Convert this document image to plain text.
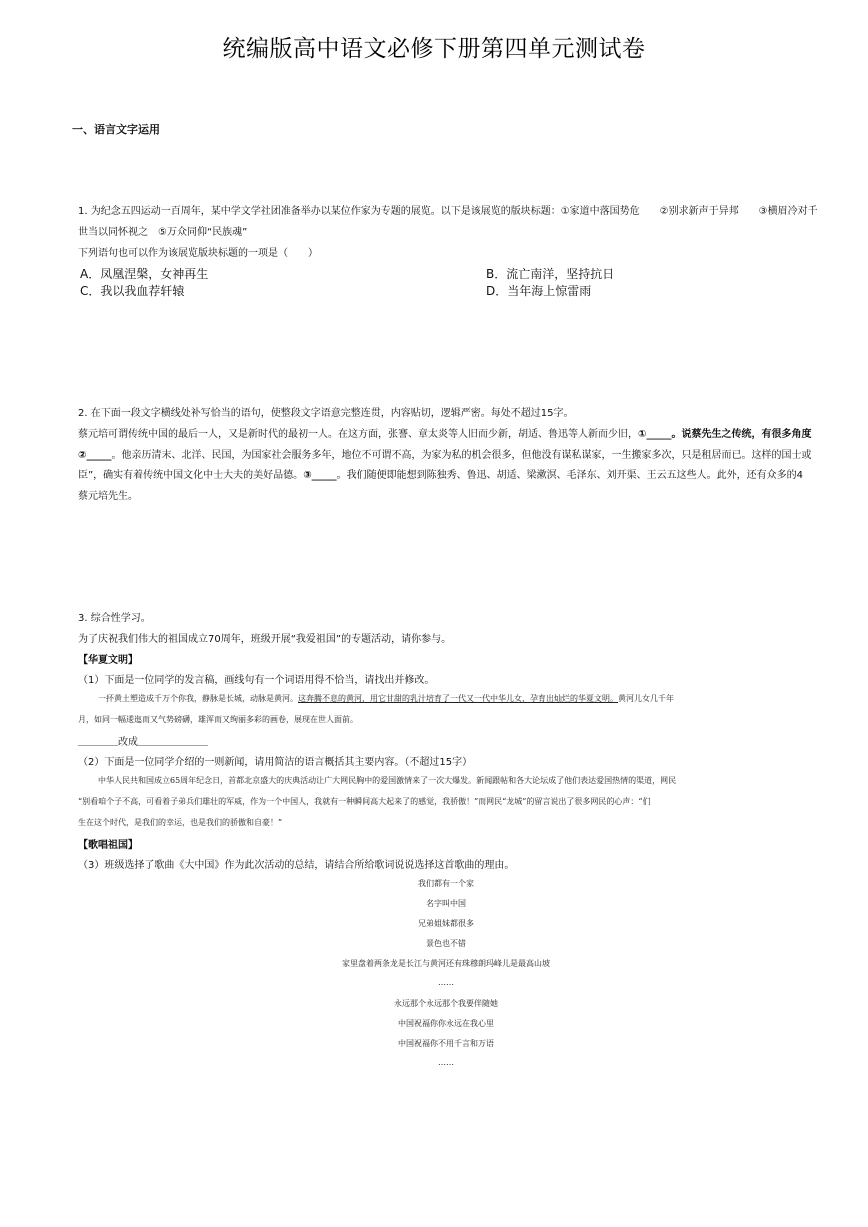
统编版高中语文必修下册第四单元测试卷
一、语言文字运用
1. 为纪念五四运动一百周年，某中学文学社团准备举办以某位作家为专题的展览。以下是该展览的版块标题：①家道中落国势危　　②别求新声于异邦　　③横眉冷对千
世当以同怀视之　⑤万众同仰“民族魂”
下列语句也可以作为该展览版块标题的一项是（　　）
A．凤凰涅槃，女神再生	B．流亡南洋，坚持抗日
C．我以我血荐轩辕	D．当年海上惊雷雨
2. 在下面一段文字横线处补写恰当的语句，使整段文字语意完整连贯，内容贴切，逻辑严密。每处不超过15字。
蔡元培可谓传统中国的最后一人，又是新时代的最初一人。在这方面，张謇、章太炎等人旧而少新，胡适、鲁迅等人新而少旧，①_____。说蔡先生之传统，有很多角度
②_____。他亲历清末、北洋、民国，为国家社会服务多年，地位不可谓不高，为家为私的机会很多，但他没有谋私谋家，一生搬家多次，只是租居而已。这样的国士或
臣”，确实有着传统中国文化中士大夫的美好品德。③_____。我们随便即能想到陈独秀、鲁迅、胡适、梁漱溟、毛泽东、刘开渠、王云五这些人。此外，还有众多的4
蔡元培先生。
3. 综合性学习。
为了庆祝我们伟大的祖国成立70周年，班级开展“我爱祖国”的专题活动，请你参与。
【华夏文明】
（1）下面是一位同学的发言稿，画线句有一个词语用得不恰当，请找出并修改。
一抔黄土塑造成千万个你我，静脉是长城，动脉是黄河。这奔腾不息的黄河，用它甘甜的乳汁培育了一代又一代中华儿女，孕育出灿烂的华夏文明。黄河儿女几千年
月，如同一幅逶迤而又气势磅礴，雄浑而又绚丽多彩的画卷，展现在世人面前。
＿＿＿＿改成＿＿＿＿＿＿＿
（2）下面是一位同学介绍的一则新闻，请用简洁的语言概括其主要内容。（不超过15字）
中华人民共和国成立65周年纪念日，首都北京盛大的庆典活动让广大网民胸中的爱国激情来了一次大爆发。新闻跟帖和各大论坛成了他们表达爱国热情的渠道，网民
“别看咱个子不高，可看着子弟兵们雄壮的军威，作为一个中国人，我就有一种瞬间高大起来了的感觉，我骄傲！”而网民“龙城”的留言说出了很多网民的心声：“们
生在这个时代，是我们的幸运，也是我们的骄傲和自豪！”
【歌唱祖国】
（3）班级选择了歌曲《大中国》作为此次活动的总结，请结合所给歌词说说选择这首歌曲的理由。
我们都有一个家
名字叫中国
兄弟姐妹都很多
景色也不错
家里盘着两条龙是长江与黄河还有珠穆朗玛峰儿是最高山坡
……
永远那个永远那个我要伴随她
中国祝福你你永远在我心里
中国祝福你不用千言和万语
……
